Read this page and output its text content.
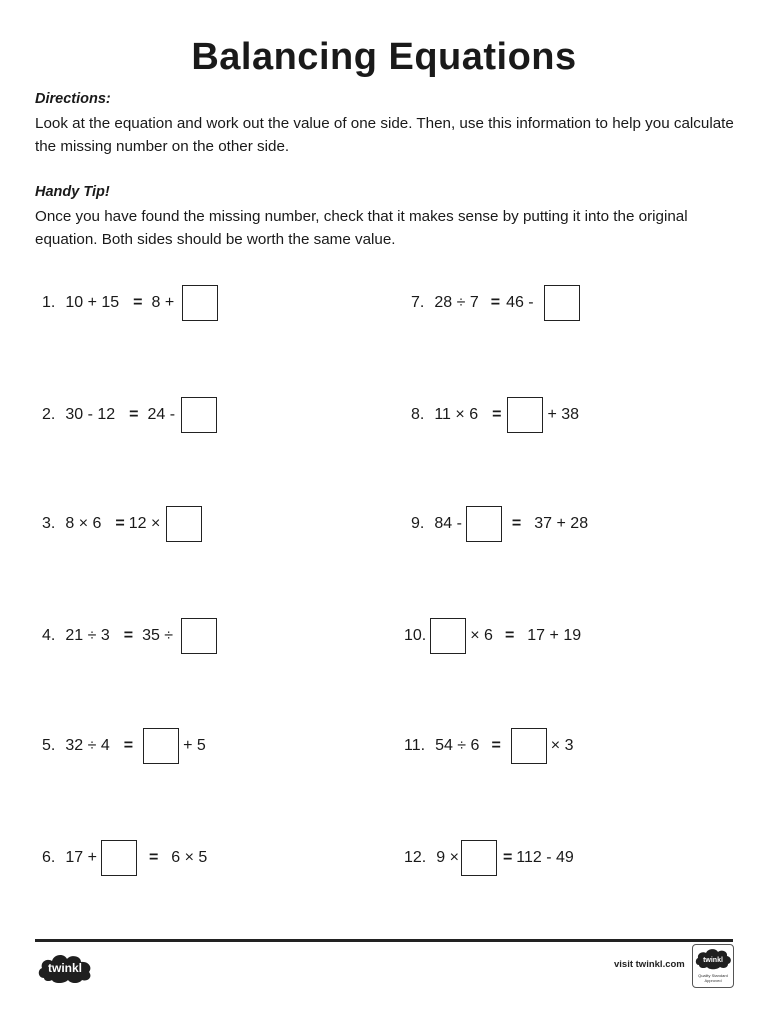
Balancing Equations
Directions:
Look at the equation and work out the value of one side. Then, use this information to help you calculate the missing number on the other side.
Handy Tip!
Once you have found the missing number, check that it makes sense by putting it into the original equation. Both sides should be worth the same value.
1. 10 + 15 = 8 +
2. 30 - 12 = 24 -
3. 8 × 6 = 12 ×
4. 21 ÷ 3 = 35 ÷
5. 32 ÷ 4 =	+ 5
6. 17 +	= 6 × 5
7. 28 ÷ 7 = 46 -
8. 11 × 6 =	+ 38
9. 84 -	= 37 + 28
10.	× 6 = 17 + 19
11. 54 ÷ 6 =	× 3
12. 9 ×	= 112 - 49
twinkl	visit twinkl.com	twinkl
Quality Standard Approved
